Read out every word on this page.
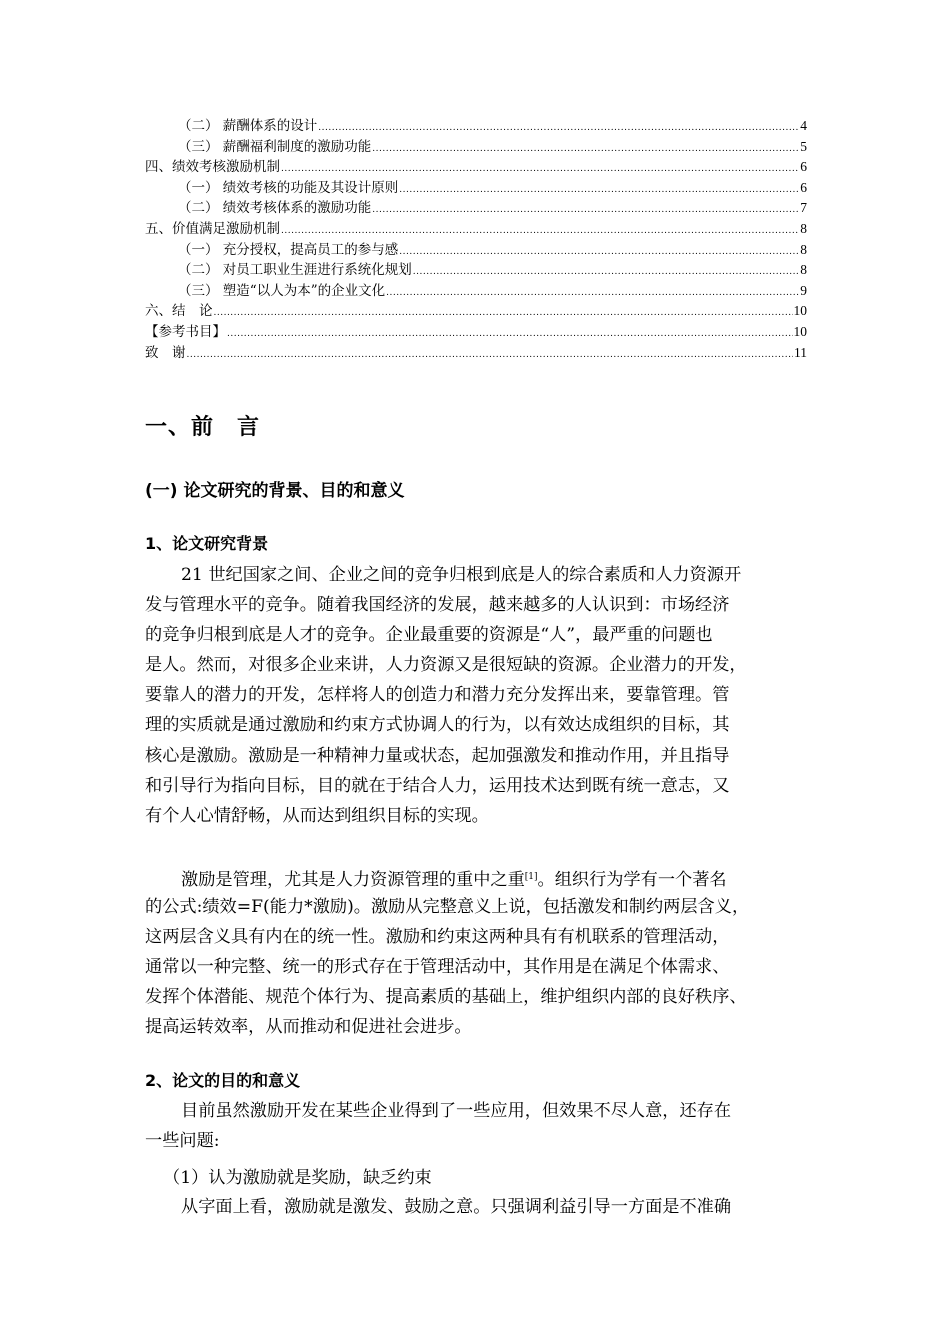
（二） 薪酬体系的设计 .....	4
（三） 薪酬福利制度的激励功能 .....	5
四、绩效考核激励机制 .....	6
（一） 绩效考核的功能及其设计原则 .....	6
（二） 绩效考核体系的激励功能 .....	7
五、价值满足激励机制 .....	8
（一） 充分授权，提高员工的参与感 .....	8
（二） 对员工职业生涯进行系统化规划 .....	8
（三） 塑造“以人为本”的企业文化 .....	9
六、结　论 .....	10
【参考书目】 .....	10
致　谢 .....	11
一、前　言
(一) 论文研究的背景、目的和意义
1、论文研究背景
21 世纪国家之间、企业之间的竞争归根到底是人的综合素质和人力资源开
发与管理水平的竞争。随着我国经济的发展，越来越多的人认识到：市场经济
的竞争归根到底是人才的竞争。企业最重要的资源是“人”，最严重的问题也
是人。然而，对很多企业来讲，人力资源又是很短缺的资源。企业潜力的开发，
要靠人的潜力的开发，怎样将人的创造力和潜力充分发挥出来，要靠管理。管
理的实质就是通过激励和约束方式协调人的行为，以有效达成组织的目标，其
核心是激励。激励是一种精神力量或状态，起加强激发和推动作用，并且指导
和引导行为指向目标，目的就在于结合人力，运用技术达到既有统一意志，又
有个人心情舒畅，从而达到组织目标的实现。
激励是管理，尤其是人力资源管理的重中之重[1]。组织行为学有一个著名
的公式:绩效=F(能力*激励)。激励从完整意义上说，包括激发和制约两层含义，
这两层含义具有内在的统一性。激励和约束这两种具有有机联系的管理活动，
通常以一种完整、统一的形式存在于管理活动中，其作用是在满足个体需求、
发挥个体潜能、规范个体行为、提高素质的基础上，维护组织内部的良好秩序、
提高运转效率，从而推动和促进社会进步。
2、论文的目的和意义
目前虽然激励开发在某些企业得到了一些应用，但效果不尽人意，还存在
一些问题:
（1）认为激励就是奖励，缺乏约束
从字面上看，激励就是激发、鼓励之意。只强调利益引导一方面是不准确
